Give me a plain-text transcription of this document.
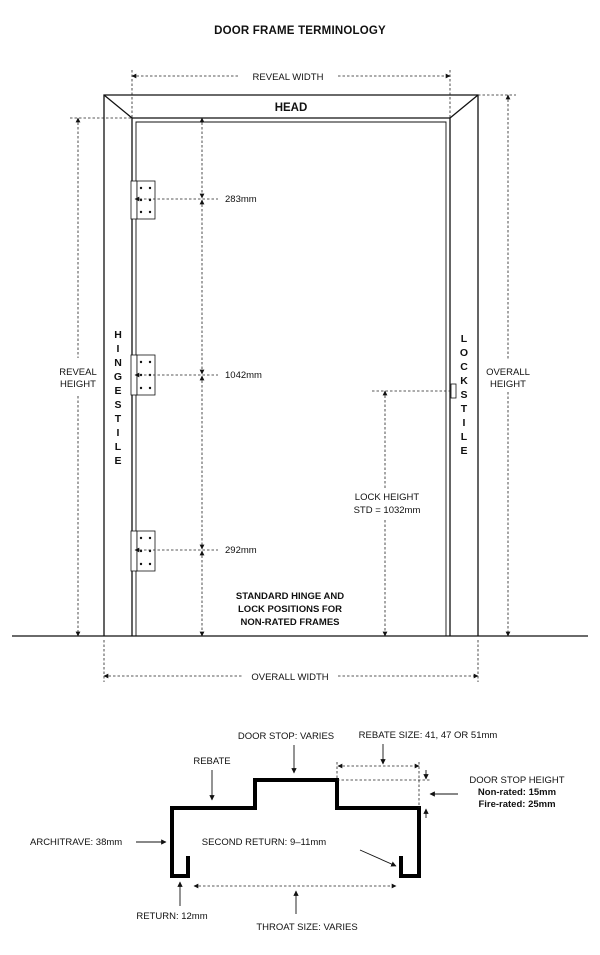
DOOR FRAME TERMINOLOGY
HEAD
REVEAL WIDTH
OVERALL WIDTH
REVEAL
HEIGHT
OVERALL
HEIGHT
H
I
N
G
E
S
T
I
L
E
L
O
C
K
S
T
I
L
E
283mm
1042mm
292mm
LOCK HEIGHT
STD = 1032mm
STANDARD HINGE AND
LOCK POSITIONS FOR
NON-RATED FRAMES
DOOR STOP: VARIES	REBATE SIZE: 41, 47 OR 51mm
REBATE
DOOR STOP HEIGHT
Non-rated: 15mm
Fire-rated: 25mm
ARCHITRAVE: 38mm	SECOND RETURN: 9–11mm
THROAT SIZE: VARIES
RETURN: 12mm
